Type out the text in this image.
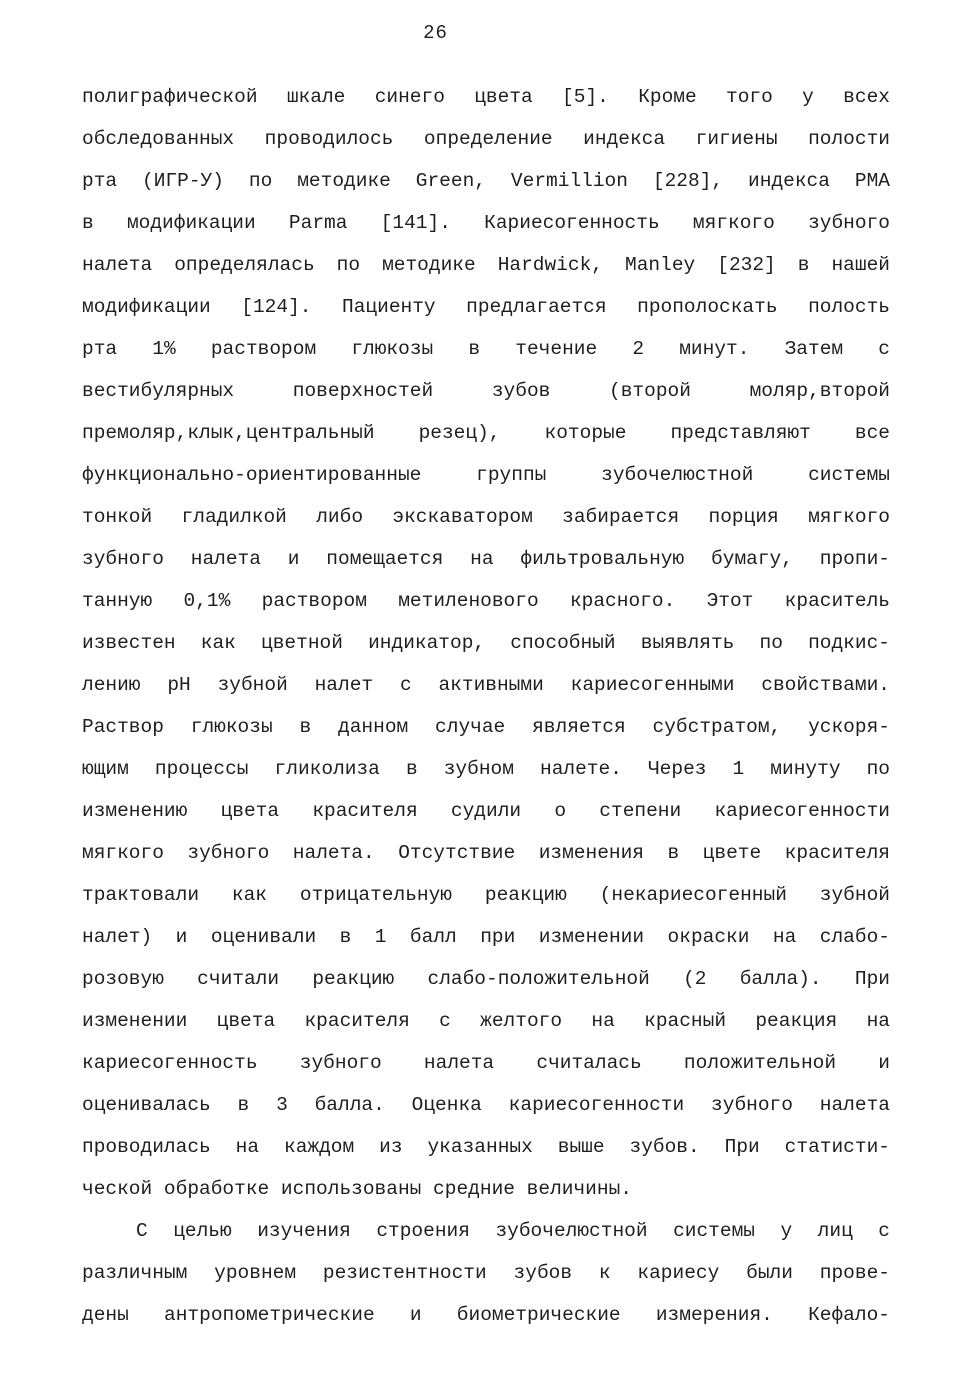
26
полиграфической шкале синего цвета [5]. Кроме того у всех
обследованных проводилось определение индекса гигиены полости
рта (ИГР-У) по методике Green, Vermillion [228], индекса РМА
в модификации Parma [141]. Кариесогенность мягкого зубного
налета определялась по методике Hardwick, Manley [232] в нашей
модификации [124]. Пациенту предлагается прополоскать полость
рта 1% раствором глюкозы в течение 2 минут. Затем с
вестибулярных поверхностей зубов (второй моляр,второй
премоляр,клык,центральный резец), которые представляют все
функционально-ориентированные группы зубочелюстной системы
тонкой гладилкой либо экскаватором забирается порция мягкого
зубного налета и помещается на фильтровальную бумагу, пропи-
танную 0,1% раствором метиленового красного. Этот краситель
известен как цветной индикатор, способный выявлять по подкис-
лению рН зубной налет с активными кариесогенными свойствами.
Раствор глюкозы в данном случае является субстратом, ускоря-
ющим процессы гликолиза в зубном налете. Через 1 минуту по
изменению цвета красителя судили о степени кариесогенности
мягкого зубного налета. Отсутствие изменения в цвете красителя
трактовали как отрицательную реакцию (некариесогенный зубной
налет) и оценивали в 1 балл при изменении окраски на слабо-
розовую считали реакцию слабо-положительной (2 балла). При
изменении цвета красителя с желтого на красный реакция на
кариесогенность зубного налета считалась положительной и
оценивалась в 3 балла. Оценка кариесогенности зубного налета
проводилась на каждом из указанных выше зубов. При статисти-
ческой обработке использованы средние величины.
С целью изучения строения зубочелюстной системы у лиц с
различным уровнем резистентности зубов к кариесу были прове-
дены антропометрические и биометрические измерения. Кефало-
